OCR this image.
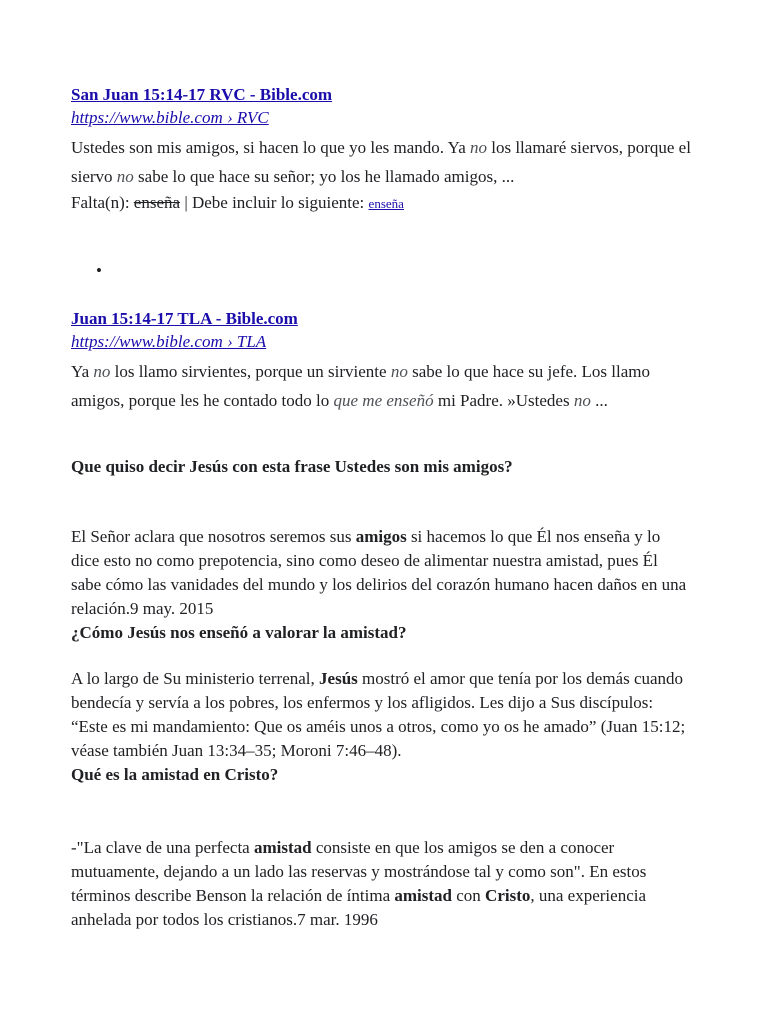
San Juan 15:14-17 RVC - Bible.com
https://www.bible.com › RVC

Ustedes son mis amigos, si hacen lo que yo les mando. Ya no los llamaré siervos, porque el siervo no sabe lo que hace su señor; yo los he llamado amigos, ...

Falta(n): enseña | Debe incluir lo siguiente: enseña

•
Juan 15:14-17 TLA - Bible.com
https://www.bible.com › TLA

Ya no los llamo sirvientes, porque un sirviente no sabe lo que hace su jefe. Los llamo amigos, porque les he contado todo lo que me enseñó mi Padre. »Ustedes no ...

Que quiso decir Jesús con esta frase Ustedes son mis amigos?

El Señor aclara que nosotros seremos sus amigos si hacemos lo que Él nos enseña y lo dice esto no como prepotencia, sino como deseo de alimentar nuestra amistad, pues Él sabe cómo las vanidades del mundo y los delirios del corazón humano hacen daños en una relación.9 may. 2015

¿Cómo Jesús nos enseñó a valorar la amistad?

A lo largo de Su ministerio terrenal, Jesús mostró el amor que tenía por los demás cuando bendecía y servía a los pobres, los enfermos y los afligidos. Les dijo a Sus discípulos: “Este es mi mandamiento: Que os améis unos a otros, como yo os he amado” (Juan 15:12; véase también Juan 13:34–35; Moroni 7:46–48).

Qué es la amistad en Cristo?

-"La clave de una perfecta amistad consiste en que los amigos se den a conocer mutuamente, dejando a un lado las reservas y mostrándose tal y como son". En estos términos describe Benson la relación de íntima amistad con Cristo, una experiencia anhelada por todos los cristianos.7 mar. 1996
